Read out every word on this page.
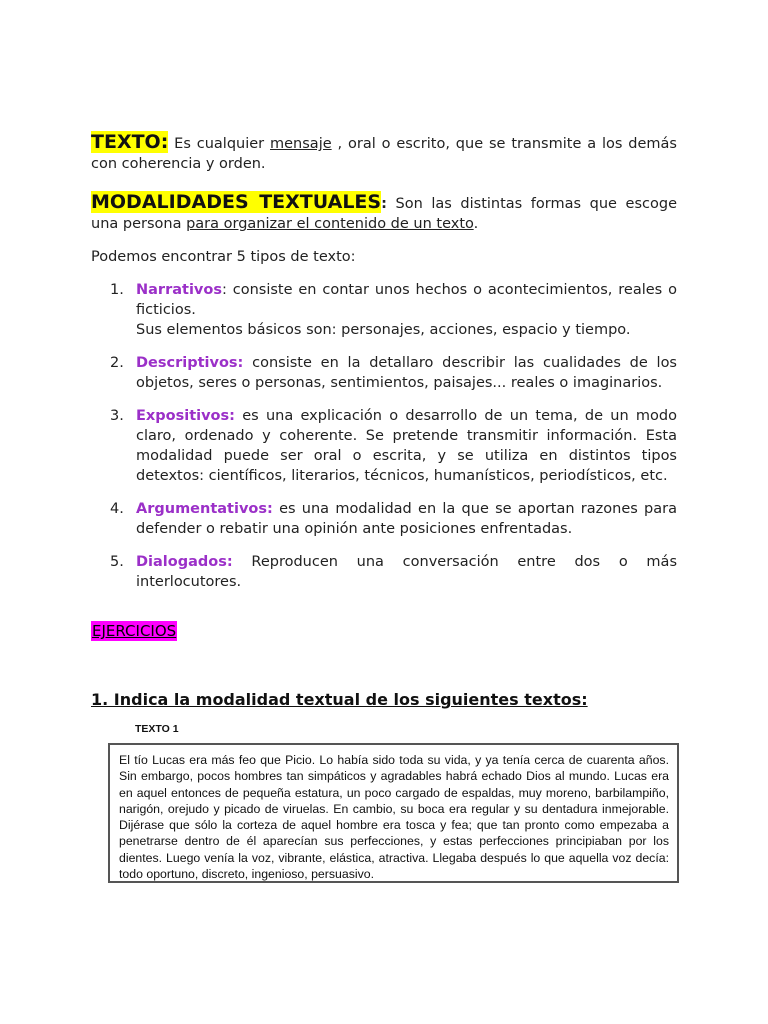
TEXTO: Es cualquier mensaje , oral o escrito, que se transmite a los demás con coherencia y orden.
MODALIDADES TEXTUALES: Son las distintas formas que escoge una persona para organizar el contenido de un texto.
Podemos encontrar 5 tipos de texto:
1. Narrativos: consiste en contar unos hechos o acontecimientos, reales o ficticios.
Sus elementos básicos son: personajes, acciones, espacio y tiempo.
2. Descriptivos: consiste en la detallaro describir las cualidades de los objetos, seres o personas, sentimientos, paisajes... reales o imaginarios.
3. Expositivos: es una explicación o desarrollo de un tema, de un modo claro, ordenado y coherente. Se pretende transmitir información. Esta modalidad puede ser oral o escrita, y se utiliza en distintos tipos detextos: científicos, literarios, técnicos, humanísticos, periodísticos, etc.
4. Argumentativos: es una modalidad en la que se aportan razones para defender o rebatir una opinión ante posiciones enfrentadas.
5. Dialogados: Reproducen una conversación entre dos o más interlocutores.
EJERCICIOS
1. Indica la modalidad textual de los siguientes textos:
TEXTO 1
El tío Lucas era más feo que Picio. Lo había sido toda su vida, y ya tenía cerca de cuarenta años. Sin embargo, pocos hombres tan simpáticos y agradables habrá echado Dios al mundo. Lucas era en aquel entonces de pequeña estatura, un poco cargado de espaldas, muy moreno, barbilampiño, narigón, orejudo y picado de viruelas. En cambio, su boca era regular y su dentadura inmejorable. Dijérase que sólo la corteza de aquel hombre era tosca y fea; que tan pronto como empezaba a penetrarse dentro de él aparecían sus perfecciones, y estas perfecciones principiaban por los dientes. Luego venía la voz, vibrante, elástica, atractiva. Llegaba después lo que aquella voz decía: todo oportuno, discreto, ingenioso, persuasivo.
